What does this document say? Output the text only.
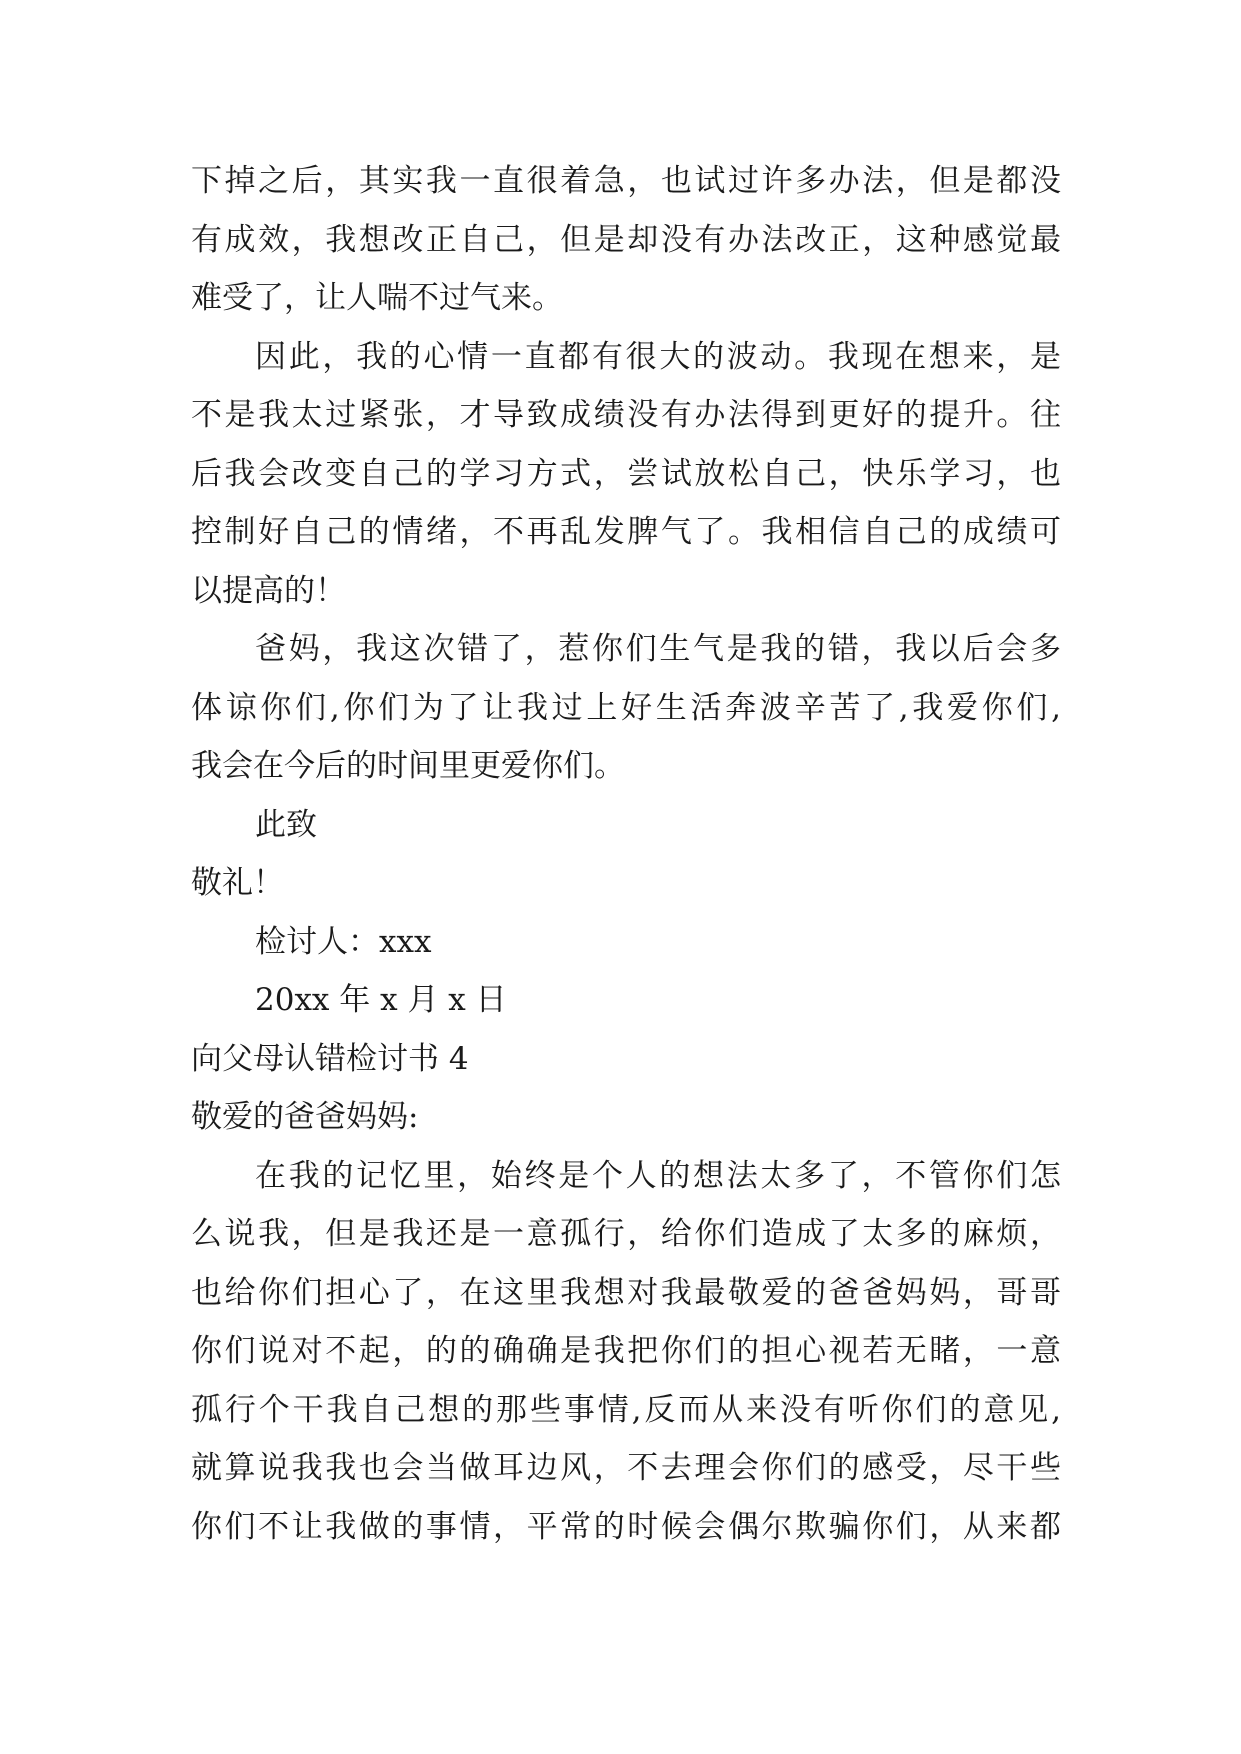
下掉之后，其实我一直很着急，也试过许多办法，但是都没
有成效，我想改正自己，但是却没有办法改正，这种感觉最
难受了，让人喘不过气来。
因此，我的心情一直都有很大的波动。我现在想来，是
不是我太过紧张，才导致成绩没有办法得到更好的提升。往
后我会改变自己的学习方式，尝试放松自己，快乐学习，也
控制好自己的情绪，不再乱发脾气了。我相信自己的成绩可
以提高的！
爸妈，我这次错了，惹你们生气是我的错，我以后会多
体谅你们,你们为了让我过上好生活奔波辛苦了,我爱你们,
我会在今后的时间里更爱你们。
此致
敬礼！
检讨人：xxx
20xx 年 x 月 x 日
向父母认错检讨书 4
敬爱的爸爸妈妈:
在我的记忆里，始终是个人的想法太多了，不管你们怎
么说我，但是我还是一意孤行，给你们造成了太多的麻烦，
也给你们担心了，在这里我想对我最敬爱的爸爸妈妈，哥哥
你们说对不起，的的确确是我把你们的担心视若无睹，一意
孤行个干我自己想的那些事情,反而从来没有听你们的意见,
就算说我我也会当做耳边风，不去理会你们的感受，尽干些
你们不让我做的事情，平常的时候会偶尔欺骗你们，从来都
